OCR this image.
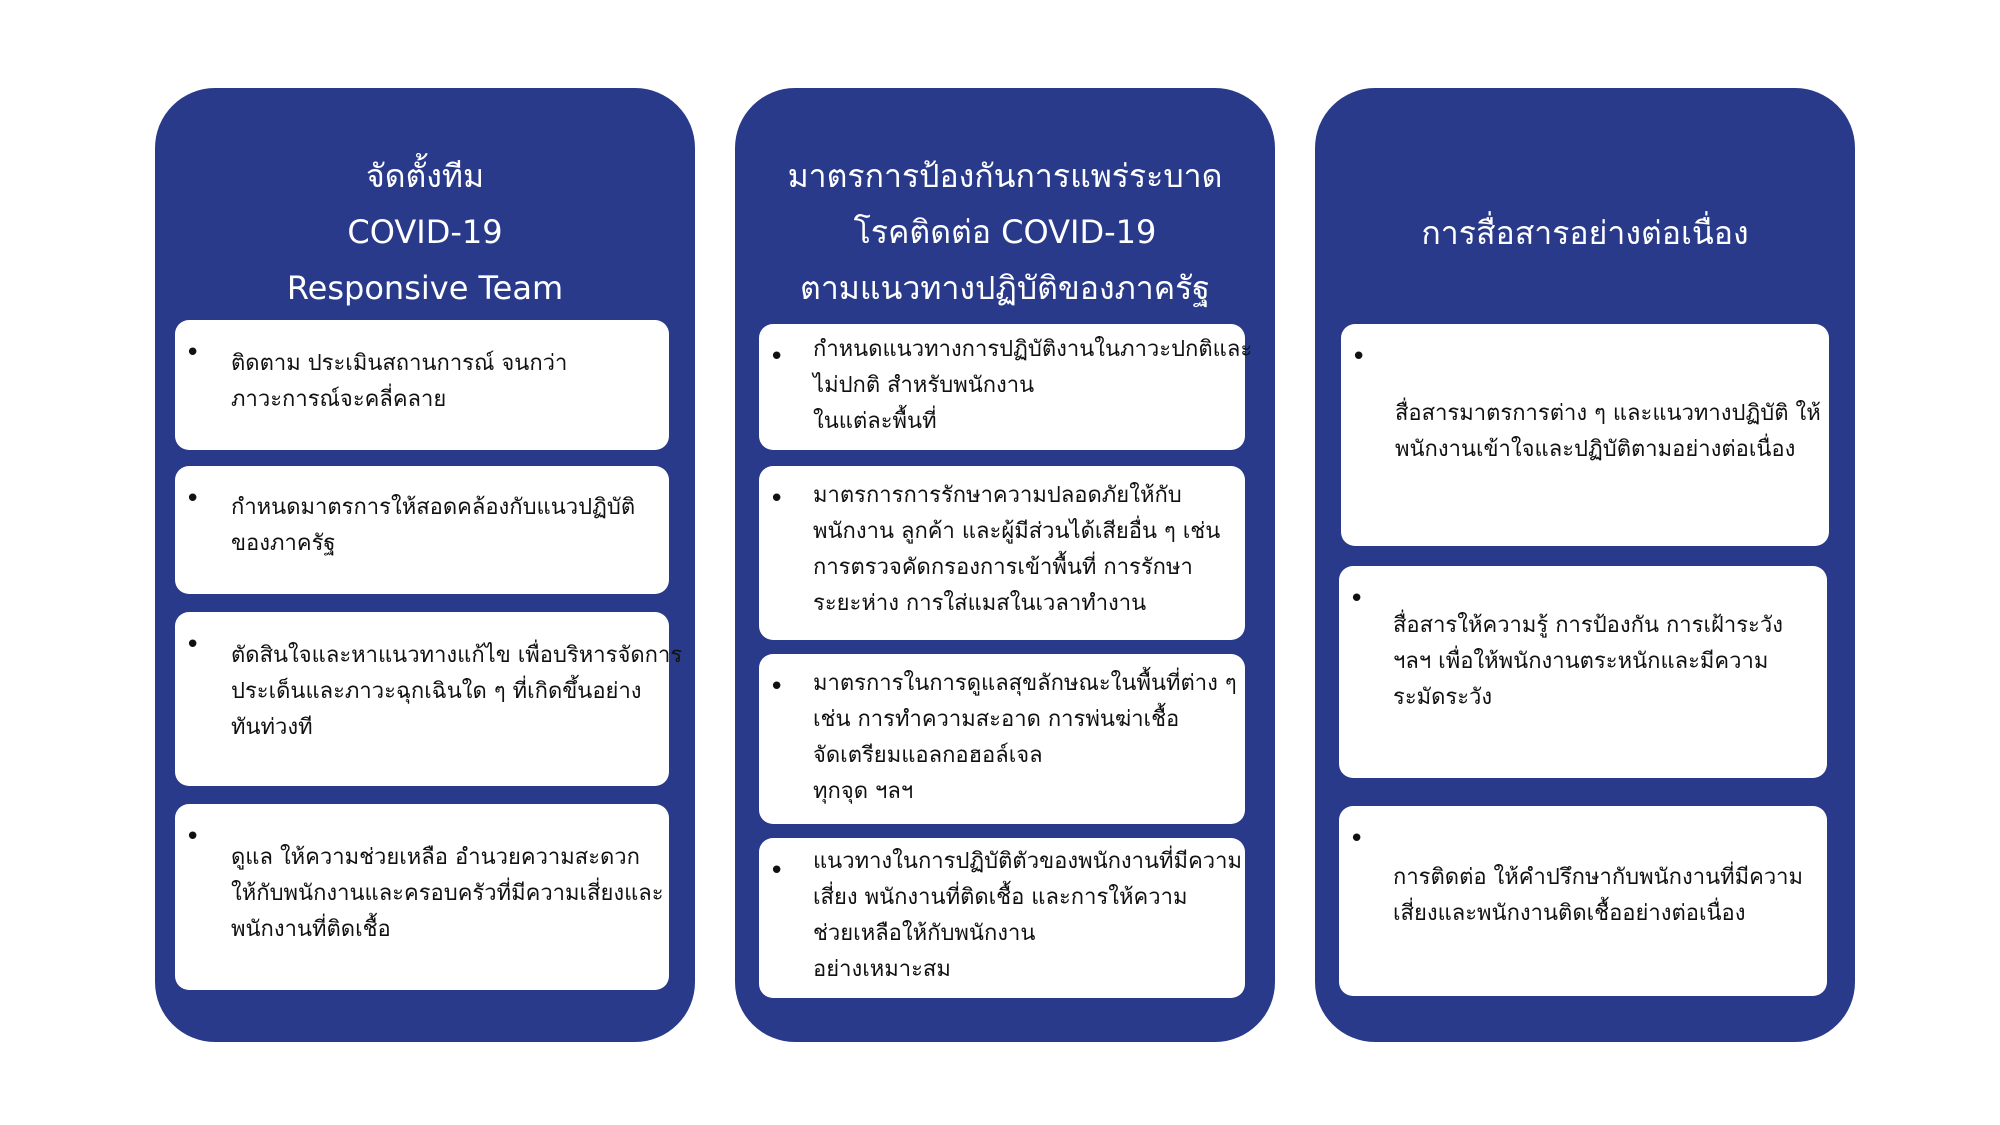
จัดตั้งทีม
COVID-19
Responsive Team
• ติดตาม ประเมินสถานการณ์ จนกว่า
ภาวะการณ์จะคลี่คลาย
• กำหนดมาตรการให้สอดคล้องกับแนวปฏิบัติ
ของภาครัฐ
• ตัดสินใจและหาแนวทางแก้ไข เพื่อบริหารจัดการ
ประเด็นและภาวะฉุกเฉินใด ๆ ที่เกิดขึ้นอย่าง
ทันท่วงที
•
ดูแล ให้ความช่วยเหลือ อำนวยความสะดวก
ให้กับพนักงานและครอบครัวที่มีความเสี่ยงและ
พนักงานที่ติดเชื้อ
มาตรการป้องกันการแพร่ระบาด
โรคติดต่อ COVID-19
ตามแนวทางปฏิบัติของภาครัฐ
• กำหนดแนวทางการปฏิบัติงานในภาวะปกติและ
ไม่ปกติ สำหรับพนักงาน
ในแต่ละพื้นที่
• มาตรการการรักษาความปลอดภัยให้กับ
พนักงาน ลูกค้า และผู้มีส่วนได้เสียอื่น ๆ เช่น
การตรวจคัดกรองการเข้าพื้นที่ การรักษา
ระยะห่าง การใส่แมสในเวลาทำงาน
• มาตรการในการดูแลสุขลักษณะในพื้นที่ต่าง ๆ
เช่น การทำความสะอาด การพ่นฆ่าเชื้อ
จัดเตรียมแอลกอฮอล์เจล
ทุกจุด ฯลฯ
• แนวทางในการปฏิบัติตัวของพนักงานที่มีความ
เสี่ยง พนักงานที่ติดเชื้อ และการให้ความ
ช่วยเหลือให้กับพนักงาน
อย่างเหมาะสม
การสื่อสารอย่างต่อเนื่อง
•
สื่อสารมาตรการต่าง ๆ และแนวทางปฏิบัติ ให้
พนักงานเข้าใจและปฏิบัติตามอย่างต่อเนื่อง
•
สื่อสารให้ความรู้ การป้องกัน การเฝ้าระวัง
ฯลฯ เพื่อให้พนักงานตระหนักและมีความ
ระมัดระวัง
•
การติดต่อ ให้คำปรึกษากับพนักงานที่มีความ
เสี่ยงและพนักงานติดเชื้ออย่างต่อเนื่อง
